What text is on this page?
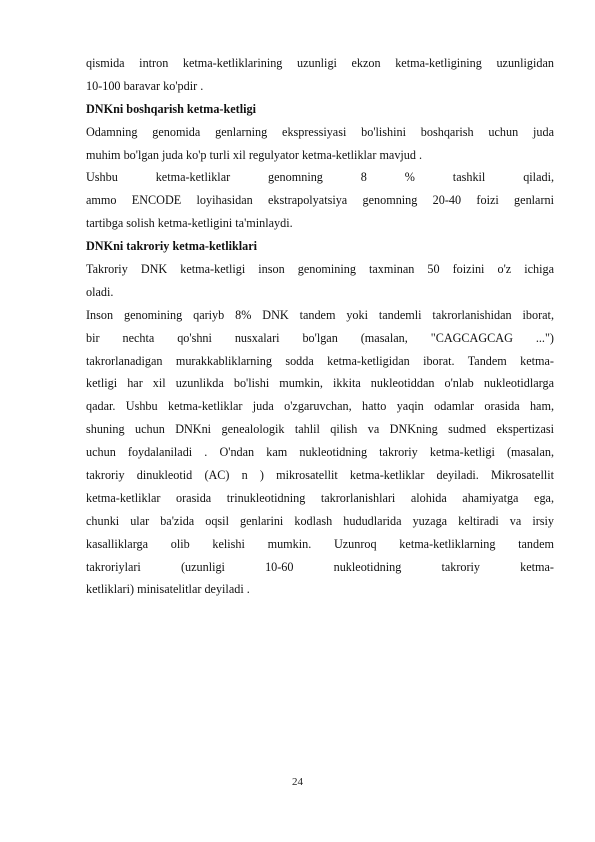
qismida intron ketma-ketliklarining uzunligi ekzon ketma-ketligining uzunligidan
10-100 baravar ko'pdir .
DNKni boshqarish ketma-ketligi
Odamning genomida genlarning ekspressiyasi bo'lishini boshqarish uchun juda
muhim bo'lgan juda ko'p turli xil regulyator ketma-ketliklar mavjud .
Ushbu ketma-ketliklar genomning 8 % tashkil qiladi,
ammo ENCODE loyihasidan ekstrapolyatsiya genomning 20-40 foizi genlarni
tartibga solish ketma-ketligini ta'minlaydi.
DNKni takroriy ketma-ketliklari
Takroriy DNK ketma-ketligi inson genomining taxminan 50 foizini o'z ichiga
oladi.
Inson genomining qariyb 8% DNK tandem yoki tandemli takrorlanishidan iborat,
bir nechta qo'shni nusxalari bo'lgan (masalan, "CAGCAGCAG ...")
takrorlanadigan murakkabliklarning sodda ketma-ketligidan iborat. Tandem ketma-
ketligi har xil uzunlikda bo'lishi mumkin, ikkita nukleotiddan o'nlab nukleotidlarga
qadar. Ushbu ketma-ketliklar juda o'zgaruvchan, hatto yaqin odamlar orasida ham,
shuning uchun DNKni genealologik tahlil qilish va DNKning sudmed ekspertizasi
uchun foydalaniladi . O'ndan kam nukleotidning takroriy ketma-ketligi (masalan,
takroriy dinukleotid (AC) n ) mikrosatellit ketma-ketliklar deyiladi. Mikrosatellit
ketma-ketliklar orasida trinukleotidning takrorlanishlari alohida ahamiyatga ega,
chunki ular ba'zida oqsil genlarini kodlash hududlarida yuzaga keltiradi va irsiy
kasalliklarga olib kelishi mumkin. Uzunroq ketma-ketliklarning tandem
takroriylari (uzunligi 10-60 nukleotidning takroriy ketma-
ketliklari) minisatelitlar deyiladi .
24
